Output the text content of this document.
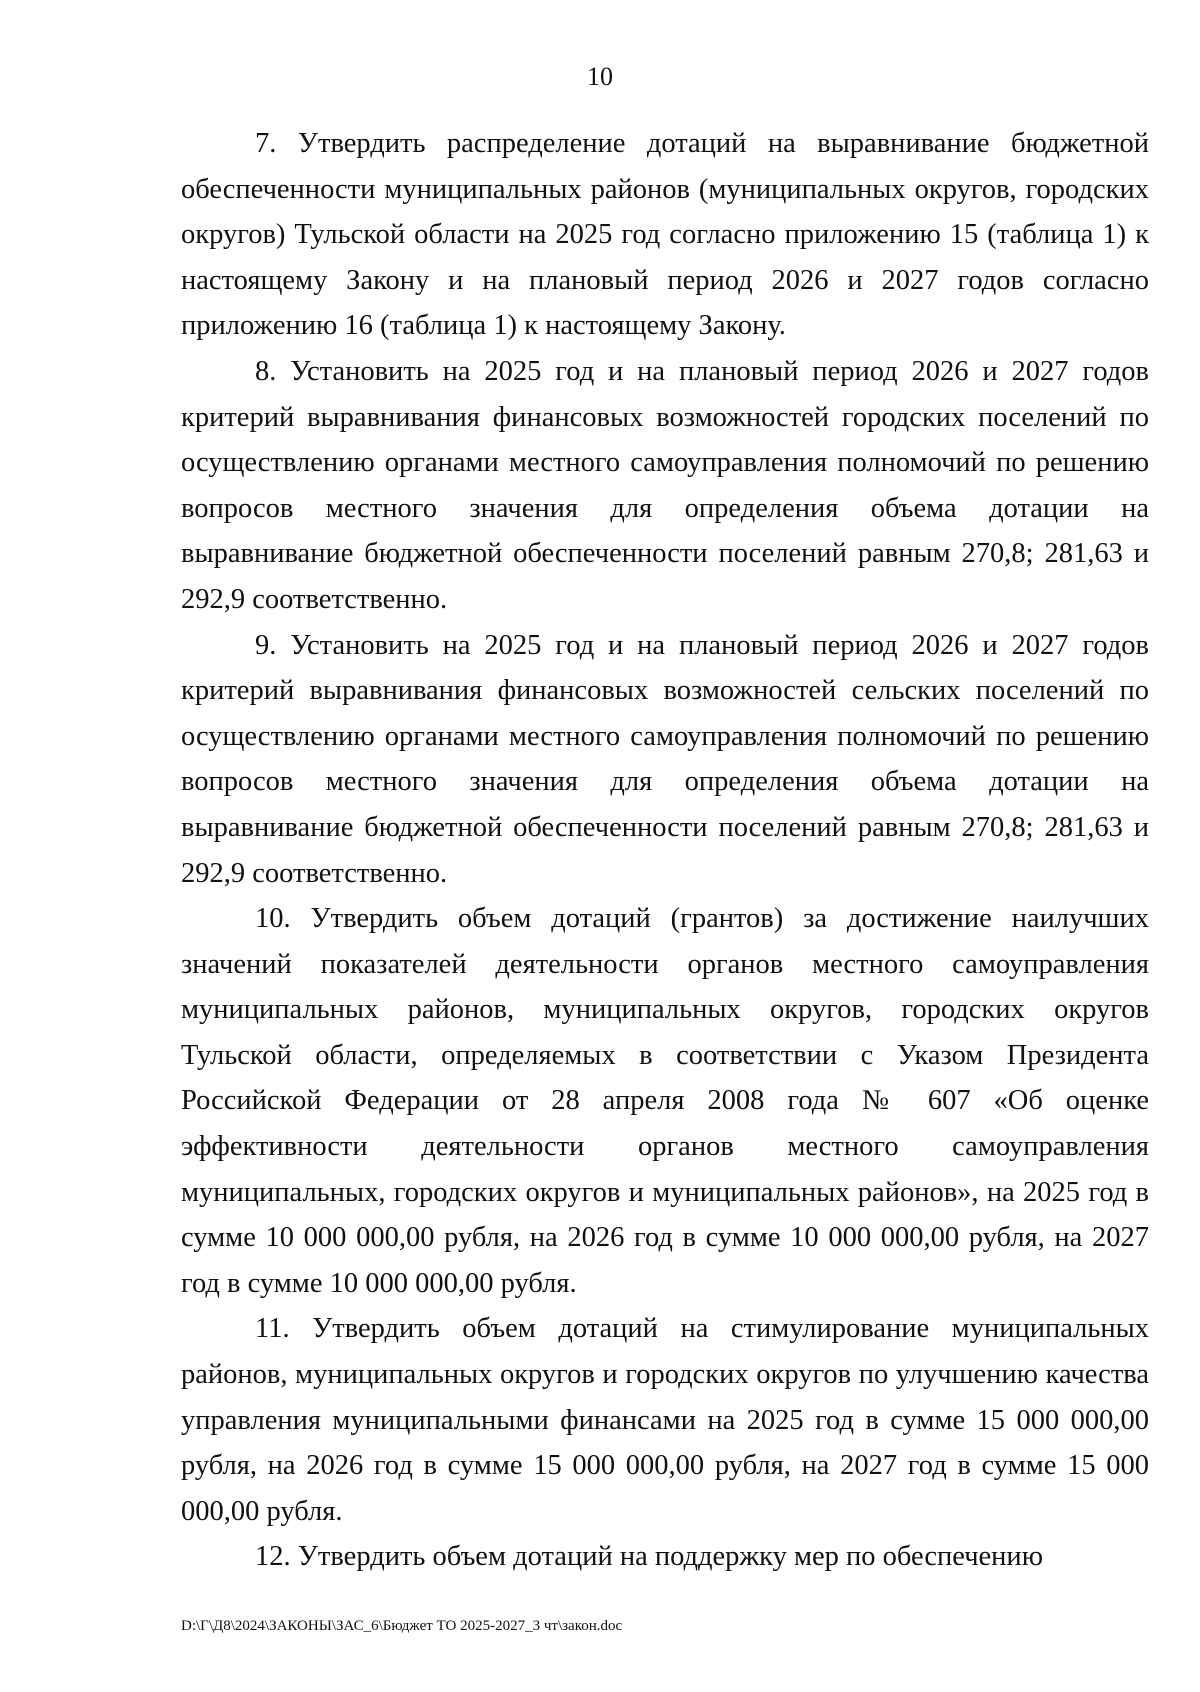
10

7. Утвердить распределение дотаций на выравнивание бюджетной обеспеченности муниципальных районов (муниципальных округов, городских округов) Тульской области на 2025 год согласно приложению 15 (таблица 1) к настоящему Закону и на плановый период 2026 и 2027 годов согласно приложению 16 (таблица 1) к настоящему Закону.

8. Установить на 2025 год и на плановый период 2026 и 2027 годов критерий выравнивания финансовых возможностей городских поселений по осуществлению органами местного самоуправления полномочий по решению вопросов местного значения для определения объема дотации на выравнивание бюджетной обеспеченности поселений равным 270,8; 281,63 и 292,9 соответственно.

9. Установить на 2025 год и на плановый период 2026 и 2027 годов критерий выравнивания финансовых возможностей сельских поселений по осуществлению органами местного самоуправления полномочий по решению вопросов местного значения для определения объема дотации на выравнивание бюджетной обеспеченности поселений равным 270,8; 281,63 и 292,9 соответственно.

10. Утвердить объем дотаций (грантов) за достижение наилучших значений показателей деятельности органов местного самоуправления муниципальных районов, муниципальных округов, городских округов Тульской области, определяемых в соответствии с Указом Президента Российской Федерации от 28 апреля 2008 года № 607 «Об оценке эффективности деятельности органов местного самоуправления муниципальных, городских округов и муниципальных районов», на 2025 год в сумме 10 000 000,00 рубля, на 2026 год в сумме 10 000 000,00 рубля, на 2027 год в сумме 10 000 000,00 рубля.

11. Утвердить объем дотаций на стимулирование муниципальных районов, муниципальных округов и городских округов по улучшению качества управления муниципальными финансами на 2025 год в сумме 15 000 000,00 рубля, на 2026 год в сумме 15 000 000,00 рубля, на 2027 год в сумме 15 000 000,00 рубля.

12. Утвердить объем дотаций на поддержку мер по обеспечению

D:\Г\Д8\2024\ЗАКОНЫ\ЗАС_6\Бюджет ТО 2025-2027_3 чт\закон.doc
